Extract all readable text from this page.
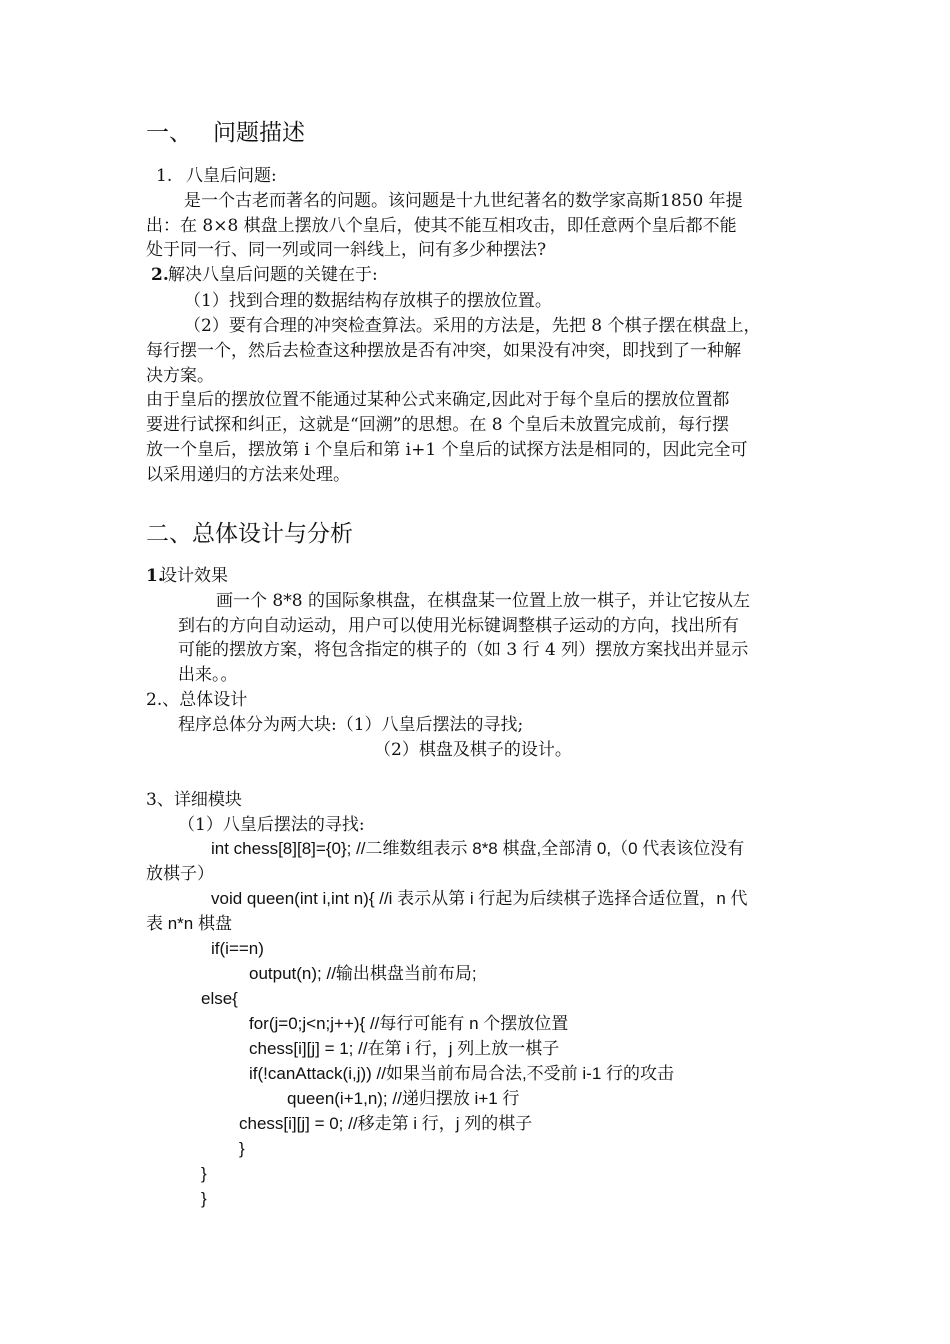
一、 问题描述
1. 八皇后问题:
是一个古老而著名的问题。该问题是十九世纪著名的数学家高斯1850 年提
出：在 8×8 棋盘上摆放八个皇后，使其不能互相攻击，即任意两个皇后都不能
处于同一行、同一列或同一斜线上，问有多少种摆法?
2. 解决八皇后问题的关键在于:
（1）找到合理的数据结构存放棋子的摆放位置。
（2）要有合理的冲突检查算法。采用的方法是，先把 8 个棋子摆在棋盘上，
每行摆一个，然后去检查这种摆放是否有冲突，如果没有冲突，即找到了一种解
决方案。
由于皇后的摆放位置不能通过某种公式来确定,因此对于每个皇后的摆放位置都
要进行试探和纠正，这就是“回溯”的思想。在 8 个皇后未放置完成前，每行摆
放一个皇后，摆放第 i 个皇后和第 i+1 个皇后的试探方法是相同的，因此完全可
以采用递归的方法来处理。
二、总体设计与分析
1.
设计效果
画一个 8*8 的国际象棋盘，在棋盘某一位置上放一棋子，并让它按从左
到右的方向自动运动，用户可以使用光标键调整棋子运动的方向，找出所有
可能的摆放方案，将包含指定的棋子的（如 3 行 4 列）摆放方案找出并显示
出来。。
2.、总体设计
程序总体分为两大块:（1）八皇后摆法的寻找;
（2）棋盘及棋子的设计。
3、详细模块
（1）八皇后摆法的寻找:
int chess[8][8]={0}; //二维数组表示 8*8 棋盘,全部清 0,（0 代表该位没有
放棋子）
void queen(int i,int n){ //i 表示从第 i 行起为后续棋子选择合适位置，n 代
表 n*n 棋盘
if(i==n)
output(n); //输出棋盘当前布局;
else{
for(j=0;j<n;j++){ //每行可能有 n 个摆放位置
chess[i][j] = 1; //在第 i 行，j 列上放一棋子
if(!canAttack(i,j)) //如果当前布局合法,不受前 i-1 行的攻击
queen(i+1,n); //递归摆放 i+1 行
chess[i][j] = 0; //移走第 i 行，j 列的棋子
}
}
}
